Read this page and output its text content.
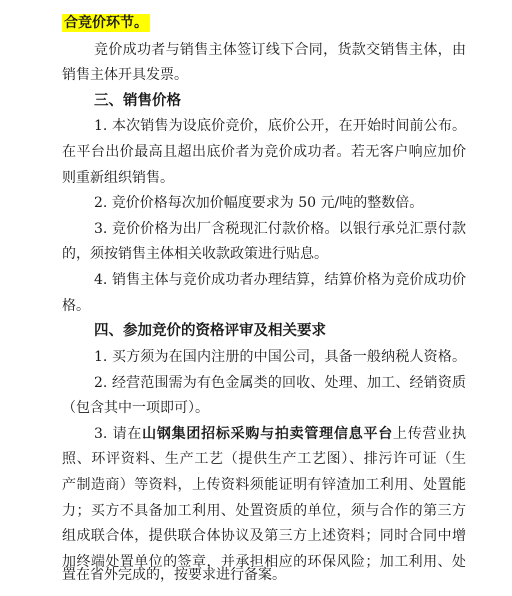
合竞价环节。
竞价成功者与销售主体签订线下合同，货款交销售主体，由
销售主体开具发票。
三、销售价格
1. 本次销售为设底价竞价，底价公开，在开始时间前公布。
在平台出价最高且超出底价者为竞价成功者。若无客户响应加价
则重新组织销售。
2. 竞价价格每次加价幅度要求为 50 元/吨的整数倍。
3. 竞价价格为出厂含税现汇付款价格。以银行承兑汇票付款
的，须按销售主体相关收款政策进行贴息。
4. 销售主体与竞价成功者办理结算，结算价格为竞价成功价
格。
四、参加竞价的资格评审及相关要求
1. 买方须为在国内注册的中国公司，具备一般纳税人资格。
2. 经营范围需为有色金属类的回收、处理、加工、经销资质
（包含其中一项即可）。
3. 请在山钢集团招标采购与拍卖管理信息平台上传营业执
照、环评资料、生产工艺（提供生产工艺图）、排污许可证（生
产制造商）等资料，上传资料须能证明有锌渣加工利用、处置能
力；买方不具备加工利用、处置资质的单位，须与合作的第三方
组成联合体，提供联合体协议及第三方上述资料；同时合同中增
加终端处置单位的签章，并承担相应的环保风险；加工利用、处
置在省外完成的，按要求进行备案。
